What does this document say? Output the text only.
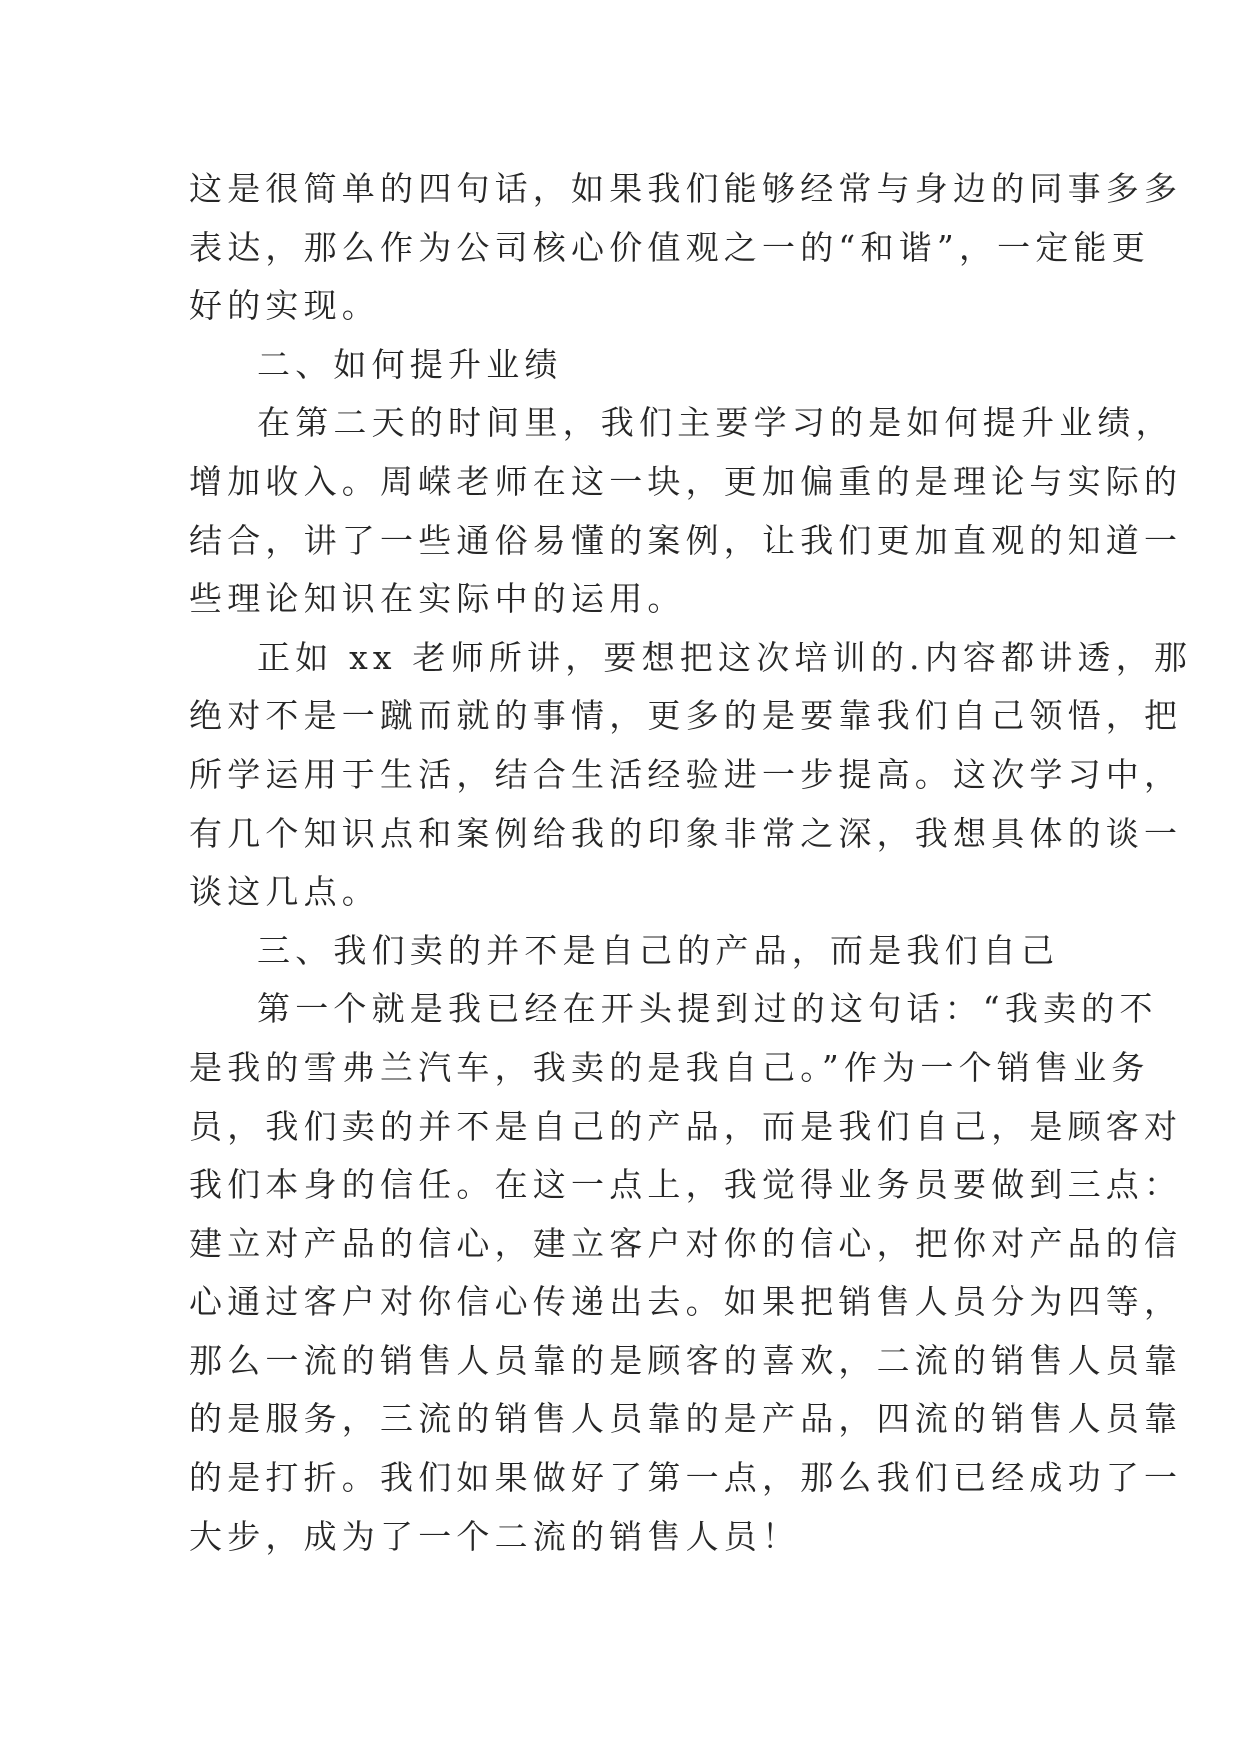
这是很简单的四句话，如果我们能够经常与身边的同事多多
表达，那么作为公司核心价值观之一的“和谐”，一定能更
好的实现。
二、如何提升业绩
在第二天的时间里，我们主要学习的是如何提升业绩，
增加收入。周嵘老师在这一块，更加偏重的是理论与实际的
结合，讲了一些通俗易懂的案例，让我们更加直观的知道一
些理论知识在实际中的运用。
正如 xx 老师所讲，要想把这次培训的.内容都讲透，那
绝对不是一蹴而就的事情，更多的是要靠我们自己领悟，把
所学运用于生活，结合生活经验进一步提高。这次学习中，
有几个知识点和案例给我的印象非常之深，我想具体的谈一
谈这几点。
三、我们卖的并不是自己的产品，而是我们自己
第一个就是我已经在开头提到过的这句话：“我卖的不
是我的雪弗兰汽车，我卖的是我自己。”作为一个销售业务
员，我们卖的并不是自己的产品，而是我们自己，是顾客对
我们本身的信任。在这一点上，我觉得业务员要做到三点：
建立对产品的信心，建立客户对你的信心，把你对产品的信
心通过客户对你信心传递出去。如果把销售人员分为四等，
那么一流的销售人员靠的是顾客的喜欢，二流的销售人员靠
的是服务，三流的销售人员靠的是产品，四流的销售人员靠
的是打折。我们如果做好了第一点，那么我们已经成功了一
大步，成为了一个二流的销售人员！
